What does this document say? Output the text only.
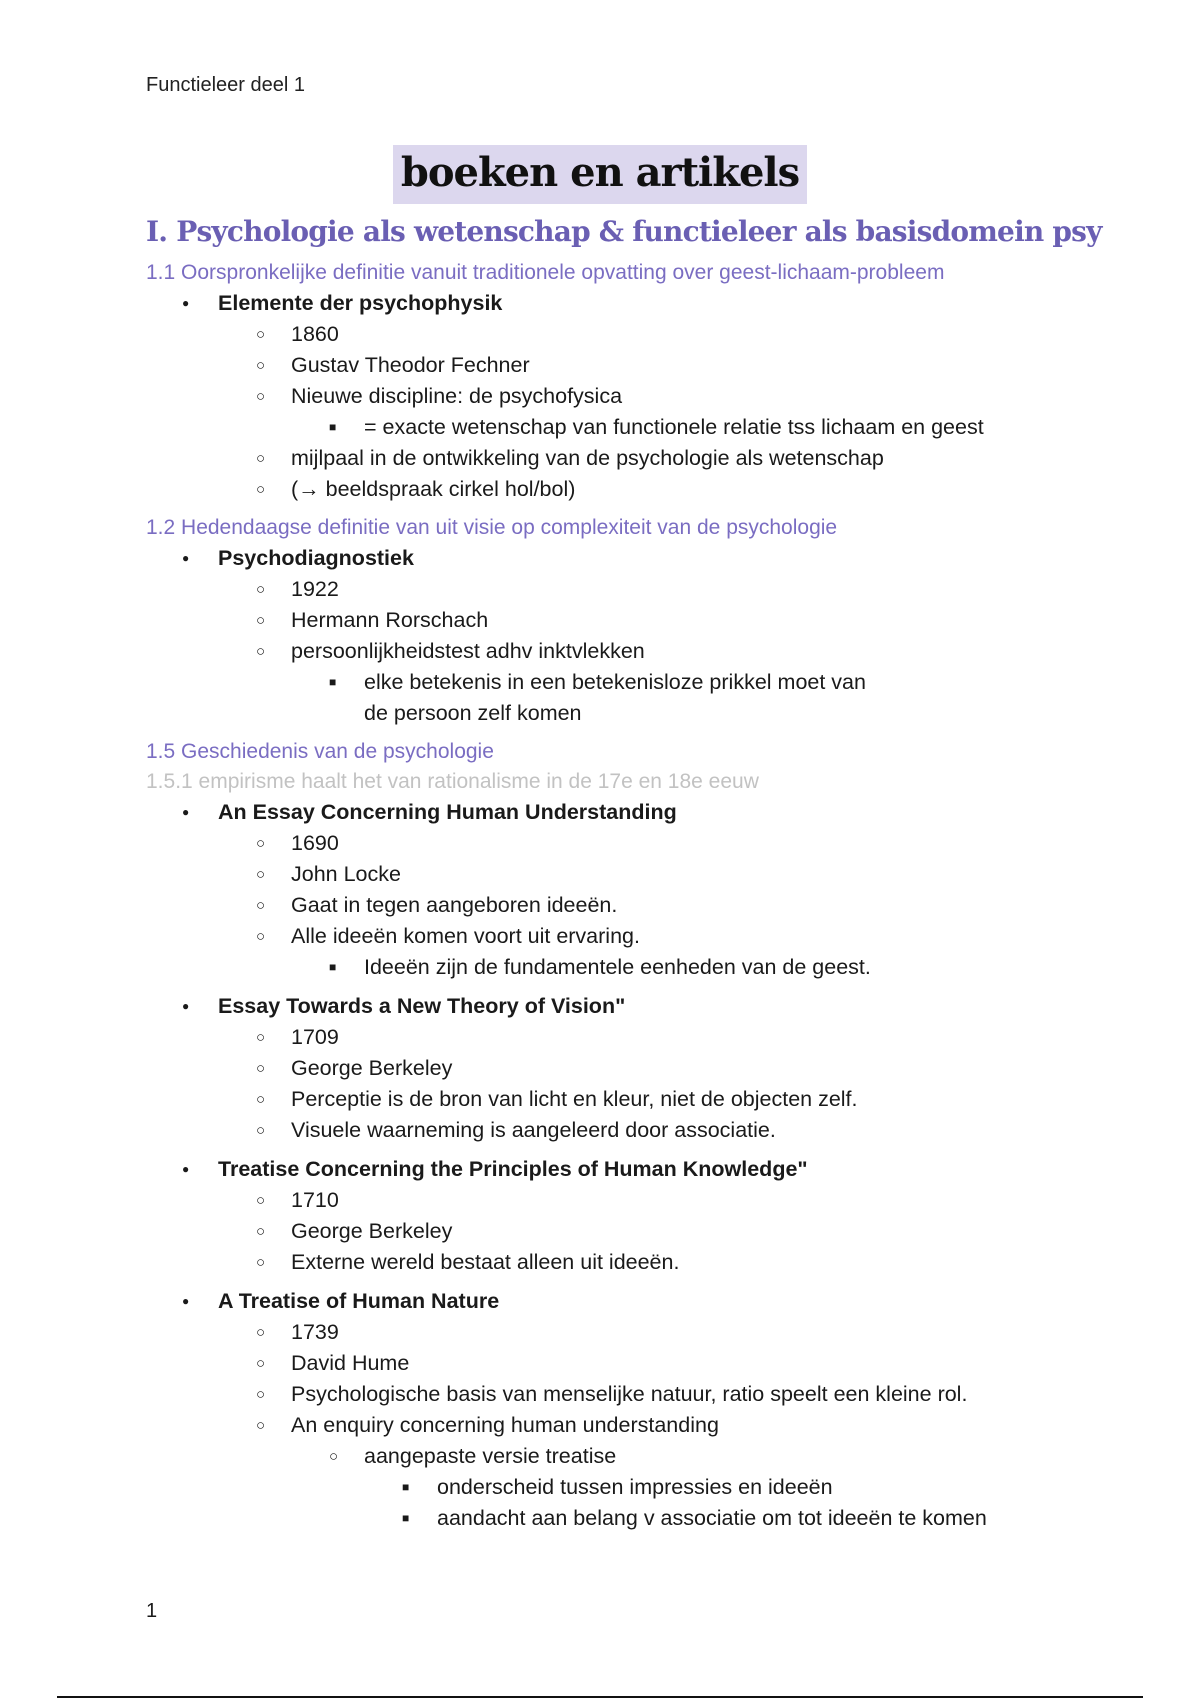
Functieleer deel 1
boeken en artikels
I. Psychologie als wetenschap & functieleer als basisdomein psy
1.1 Oorspronkelijke definitie vanuit traditionele opvatting over geest-lichaam-probleem
● Elemente der psychophysik
○ 1860
○ Gustav Theodor Fechner
○ Nieuwe discipline: de psychofysica
■ = exacte wetenschap van functionele relatie tss lichaam en geest
○ mijlpaal in de ontwikkeling van de psychologie als wetenschap
○ (→ beeldspraak cirkel hol/bol)
1.2 Hedendaagse definitie van uit visie op complexiteit van de psychologie
● Psychodiagnostiek
○ 1922
○ Hermann Rorschach
○ persoonlijkheidstest adhv inktvlekken
■ elke betekenis in een betekenisloze prikkel moet van de persoon zelf komen
1.5 Geschiedenis van de psychologie
1.5.1 empirisme haalt het van rationalisme in de 17e en 18e eeuw
● An Essay Concerning Human Understanding
○ 1690
○ John Locke
○ Gaat in tegen aangeboren ideeën.
○ Alle ideeën komen voort uit ervaring.
■ Ideeën zijn de fundamentele eenheden van de geest.
● Essay Towards a New Theory of Vision"
○ 1709
○ George Berkeley
○ Perceptie is de bron van licht en kleur, niet de objecten zelf.
○ Visuele waarneming is aangeleerd door associatie.
● Treatise Concerning the Principles of Human Knowledge"
○ 1710
○ George Berkeley
○ Externe wereld bestaat alleen uit ideeën.
● A Treatise of Human Nature
○ 1739
○ David Hume
○ Psychologische basis van menselijke natuur, ratio speelt een kleine rol.
○ An enquiry concerning human understanding
○ aangepaste versie treatise
■ onderscheid tussen impressies en ideeën
■ aandacht aan belang v associatie om tot ideeën te komen
1
